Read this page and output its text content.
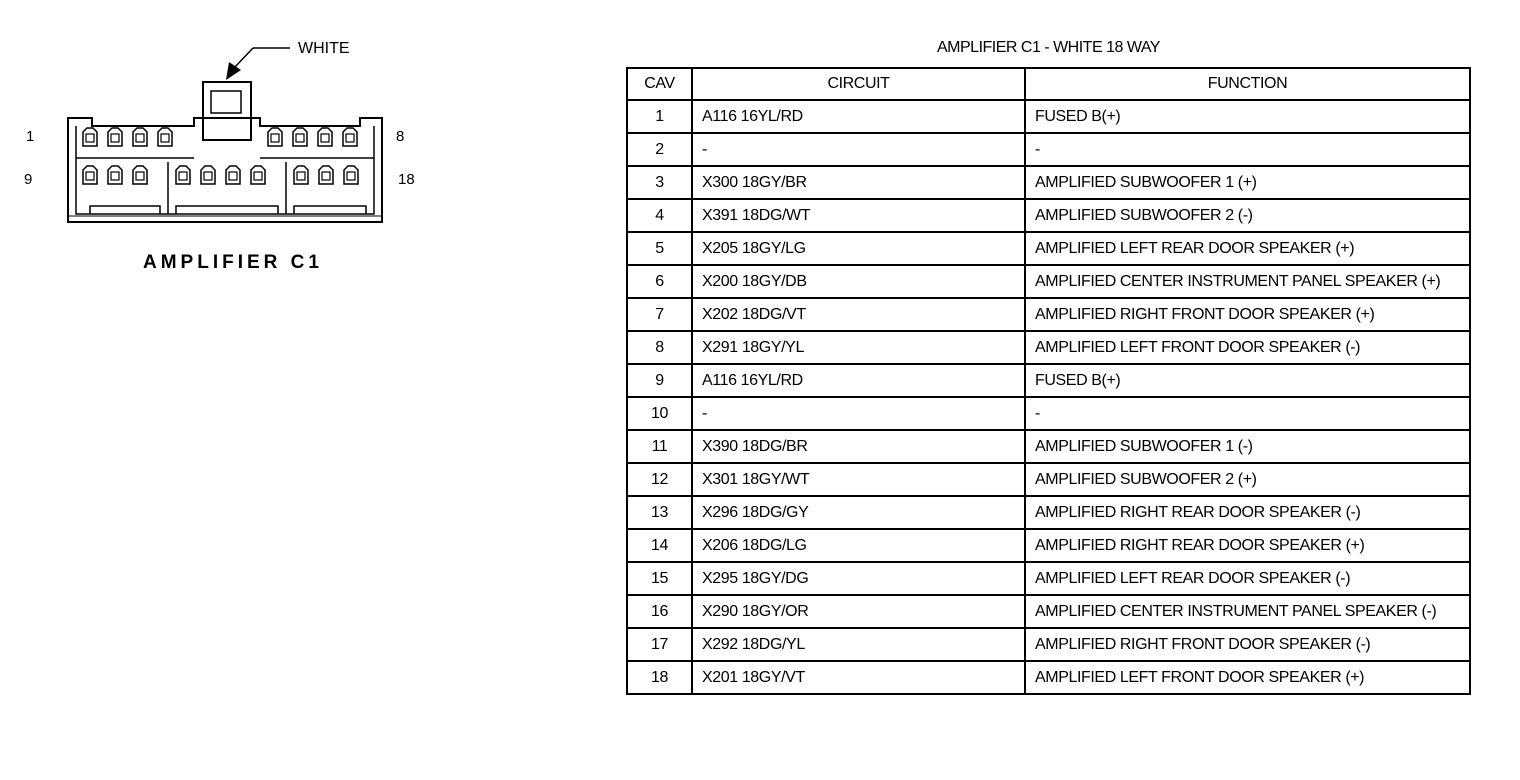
WHITE
1	8
9	18
AMPLIFIER C1
AMPLIFIER C1 - WHITE 18 WAY
CAV	CIRCUIT	FUNCTION
1	A116 16YL/RD	FUSED B(+)
2	-	-
3	X300 18GY/BR	AMPLIFIED SUBWOOFER 1 (+)
4	X391 18DG/WT	AMPLIFIED SUBWOOFER 2 (-)
5	X205 18GY/LG	AMPLIFIED LEFT REAR DOOR SPEAKER (+)
6	X200 18GY/DB	AMPLIFIED CENTER INSTRUMENT PANEL SPEAKER (+)
7	X202 18DG/VT	AMPLIFIED RIGHT FRONT DOOR SPEAKER (+)
8	X291 18GY/YL	AMPLIFIED LEFT FRONT DOOR SPEAKER (-)
9	A116 16YL/RD	FUSED B(+)
10	-	-
11	X390 18DG/BR	AMPLIFIED SUBWOOFER 1 (-)
12	X301 18GY/WT	AMPLIFIED SUBWOOFER 2 (+)
13	X296 18DG/GY	AMPLIFIED RIGHT REAR DOOR SPEAKER (-)
14	X206 18DG/LG	AMPLIFIED RIGHT REAR DOOR SPEAKER (+)
15	X295 18GY/DG	AMPLIFIED LEFT REAR DOOR SPEAKER (-)
16	X290 18GY/OR	AMPLIFIED CENTER INSTRUMENT PANEL SPEAKER (-)
17	X292 18DG/YL	AMPLIFIED RIGHT FRONT DOOR SPEAKER (-)
18	X201 18GY/VT	AMPLIFIED LEFT FRONT DOOR SPEAKER (+)
